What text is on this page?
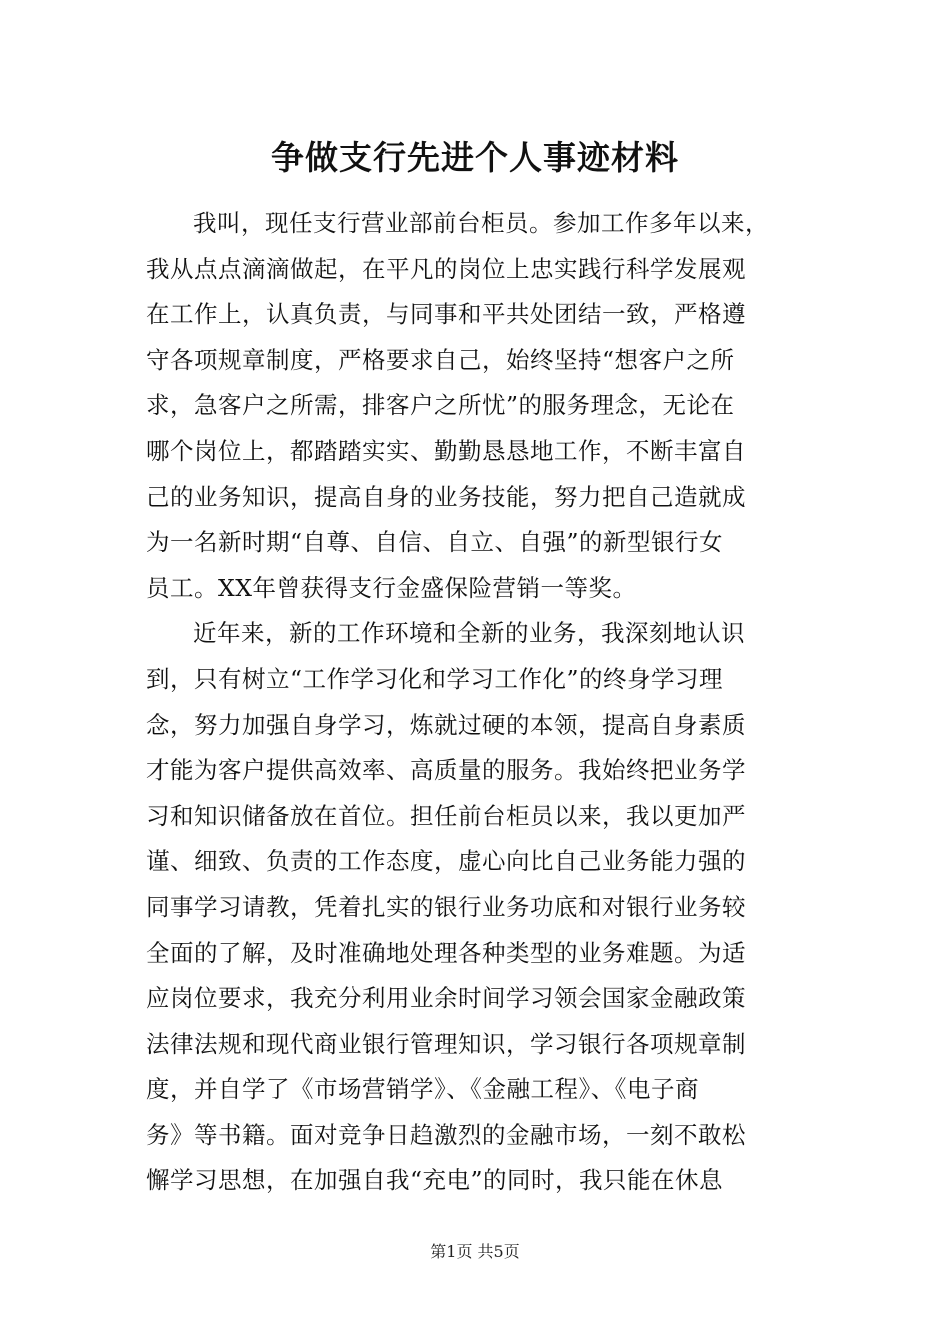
争做支行先进个人事迹材料
我叫，现任支行营业部前台柜员。参加工作多年以来，
我从点点滴滴做起，在平凡的岗位上忠实践行科学发展观
在工作上，认真负责，与同事和平共处团结一致，严格遵
守各项规章制度，严格要求自己，始终坚持“想客户之所
求，急客户之所需，排客户之所忧”的服务理念，无论在
哪个岗位上，都踏踏实实、勤勤恳恳地工作，不断丰富自
己的业务知识，提高自身的业务技能，努力把自己造就成
为一名新时期“自尊、自信、自立、自强”的新型银行女
员工。XX年曾获得支行金盛保险营销一等奖。
近年来，新的工作环境和全新的业务，我深刻地认识
到，只有树立“工作学习化和学习工作化”的终身学习理
念，努力加强自身学习，炼就过硬的本领，提高自身素质
才能为客户提供高效率、高质量的服务。我始终把业务学
习和知识储备放在首位。担任前台柜员以来，我以更加严
谨、细致、负责的工作态度，虚心向比自己业务能力强的
同事学习请教，凭着扎实的银行业务功底和对银行业务较
全面的了解，及时准确地处理各种类型的业务难题。为适
应岗位要求，我充分利用业余时间学习领会国家金融政策
法律法规和现代商业银行管理知识，学习银行各项规章制
度，并自学了《市场营销学》、《金融工程》、《电子商
务》等书籍。面对竞争日趋激烈的金融市场，一刻不敢松
懈学习思想，在加强自我“充电”的同时，我只能在休息
第1页 共5页
